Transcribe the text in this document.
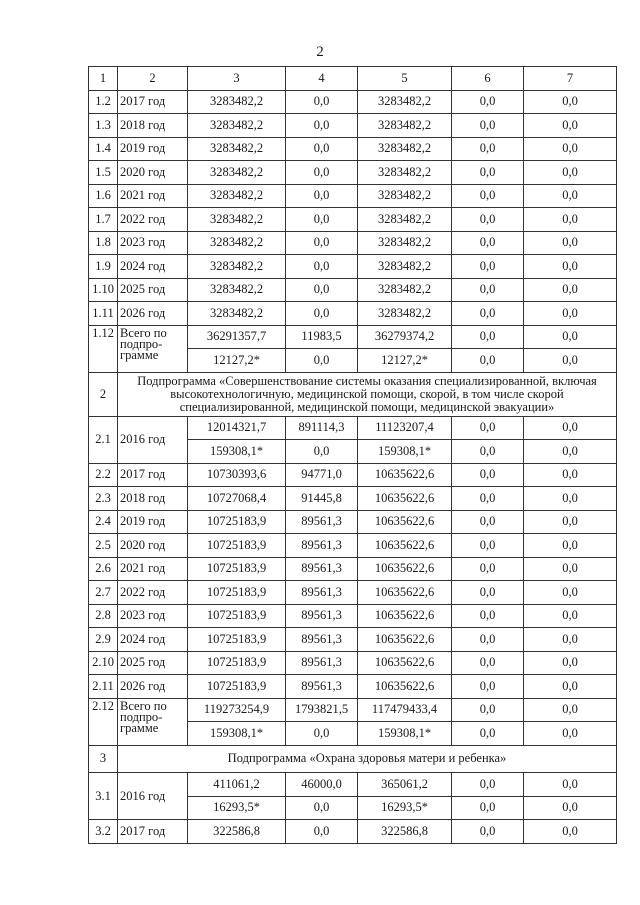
2
1	2	3	4	5	6	7
1.2	2017 год	3283482,2	0,0	3283482,2	0,0	0,0
1.3	2018 год	3283482,2	0,0	3283482,2	0,0	0,0
1.4	2019 год	3283482,2	0,0	3283482,2	0,0	0,0
1.5	2020 год	3283482,2	0,0	3283482,2	0,0	0,0
1.6	2021 год	3283482,2	0,0	3283482,2	0,0	0,0
1.7	2022 год	3283482,2	0,0	3283482,2	0,0	0,0
1.8	2023 год	3283482,2	0,0	3283482,2	0,0	0,0
1.9	2024 год	3283482,2	0,0	3283482,2	0,0	0,0
1.10	2025 год	3283482,2	0,0	3283482,2	0,0	0,0
1.11	2026 год	3283482,2	0,0	3283482,2	0,0	0,0
1.12	Всего по подпро-граммe	36291357,7	11983,5	36279374,2	0,0	0,0
		12127,2*	0,0	12127,2*	0,0	0,0
2	Подпрограмма «Совершенствование системы оказания специализированной, включая высокотехнологичную, медицинской помощи, скорой, в том числе скорой специализированной, медицинской помощи, медицинской эвакуации»					
2.1	2016 год	12014321,7	891114,3	11123207,4	0,0	0,0
		159308,1*	0,0	159308,1*	0,0	0,0
2.2	2017 год	10730393,6	94771,0	10635622,6	0,0	0,0
2.3	2018 год	10727068,4	91445,8	10635622,6	0,0	0,0
2.4	2019 год	10725183,9	89561,3	10635622,6	0,0	0,0
2.5	2020 год	10725183,9	89561,3	10635622,6	0,0	0,0
2.6	2021 год	10725183,9	89561,3	10635622,6	0,0	0,0
2.7	2022 год	10725183,9	89561,3	10635622,6	0,0	0,0
2.8	2023 год	10725183,9	89561,3	10635622,6	0,0	0,0
2.9	2024 год	10725183,9	89561,3	10635622,6	0,0	0,0
2.10	2025 год	10725183,9	89561,3	10635622,6	0,0	0,0
2.11	2026 год	10725183,9	89561,3	10635622,6	0,0	0,0
2.12	Всего по подпро-грамме	119273254,9	1793821,5	117479433,4	0,0	0,0
		159308,1*	0,0	159308,1*	0,0	0,0
3	Подпрограмма «Охрана здоровья матери и ребенка»					
3.1	2016 год	411061,2	46000,0	365061,2	0,0	0,0
		16293,5*	0,0	16293,5*	0,0	0,0
3.2	2017 год	322586,8	0,0	322586,8	0,0	0,0
